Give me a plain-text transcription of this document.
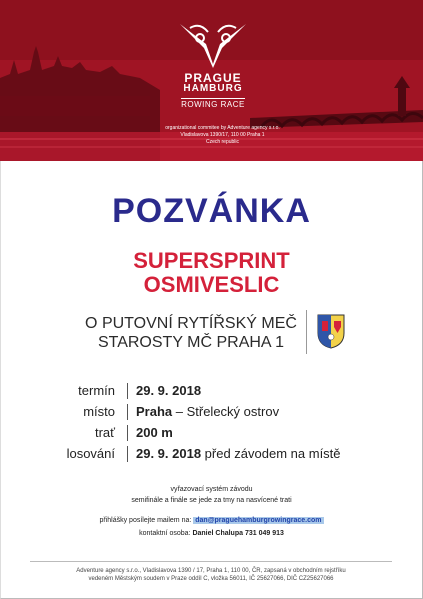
PRAGUE
HAMBURG
ROWING RACE
organizational commitee by Adventure agency s.r.o.
Vladislavova 1390/17, 110 00 Praha 1
Czech republic
POZVÁNKA
SUPERSPRINT
OSMIVESLIC
O PUTOVNÍ RYTÍŘSKÝ MEČ
STAROSTY MČ PRAHA 1
termín 29. 9. 2018
místo Praha – Střelecký ostrov
trať 200 m
losování 29. 9. 2018 před závodem na místě
vyřazovací systém závodu
semifinále a finále se jede za tmy na nasvícené trati
přihlášky posílejte mailem na: dan@praguehamburgrowingrace.com
kontaktní osoba: Daniel Chalupa 731 049 913
Adventure agency s.r.o., Vladislavova 1390 / 17, Praha 1, 110 00, ČR, zapsaná v obchodním rejstříku
vedeném Městským soudem v Praze oddíl C, vložka 56011, IČ 25627066, DIČ CZ25627066
